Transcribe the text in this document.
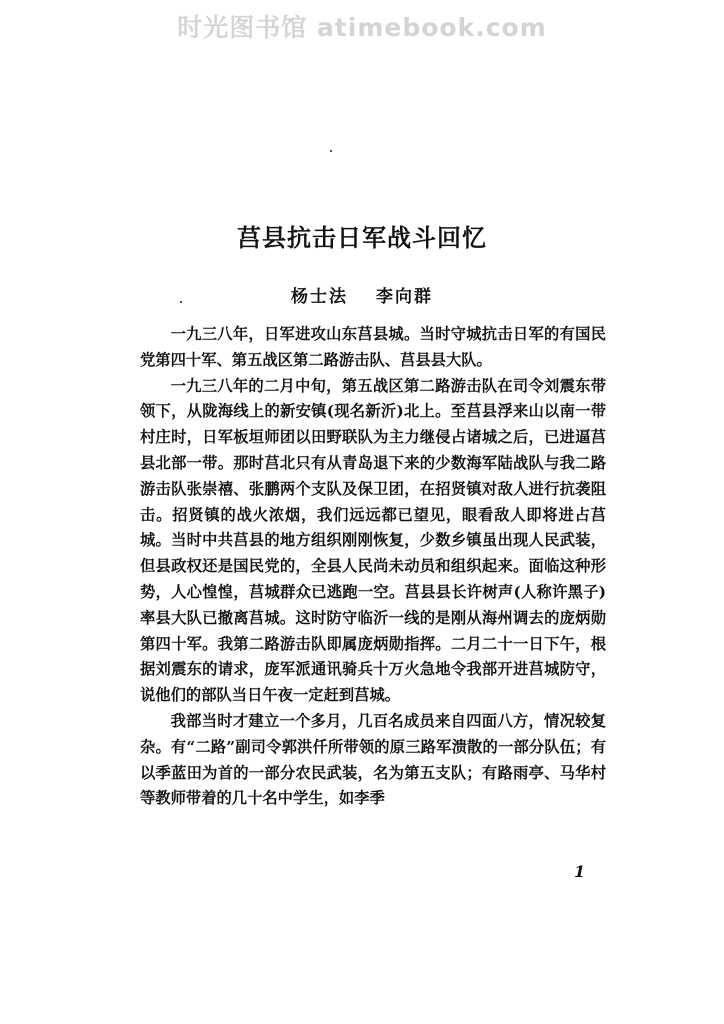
时光图书馆 atimebook.com
莒县抗击日军战斗回忆
杨士法 李向群

一九三八年，日军进攻山东莒县城。当时守城抗击日军的有国民党第四十军、第五战区第二路游击队、莒县县大队。

一九三八年的二月中旬，第五战区第二路游击队在司令刘震东带领下，从陇海线上的新安镇(现名新沂)北上。至莒县浮来山以南一带村庄时，日军板垣师团以田野联队为主力继侵占诸城之后，已进逼莒县北部一带。那时莒北只有从青岛退下来的少数海军陆战队与我二路游击队张崇禧、张鹏两个支队及保卫团，在招贤镇对敌人进行抗袭阻击。招贤镇的战火浓烟，我们远远都已望见，眼看敌人即将进占莒城。当时中共莒县的地方组织刚刚恢复，少数乡镇虽出现人民武装，但县政权还是国民党的，全县人民尚未动员和组织起来。面临这种形势，人心惶惶，莒城群众已逃跑一空。莒县县长许树声(人称许黑子)率县大队已撤离莒城。这时防守临沂一线的是刚从海州调去的庞炳勋第四十军。我第二路游击队即属庞炳勋指挥。二月二十一日下午，根据刘震东的请求，庞军派通讯骑兵十万火急地令我部开进莒城防守，说他们的部队当日午夜一定赶到莒城。

我部当时才建立一个多月，几百名成员来自四面八方，情况较复杂。有“二路”副司令郭洪仟所带领的原三路军溃散的一部分队伍；有以季蓝田为首的一部分农民武装，名为第五支队；有路雨亭、马华村等教师带着的几十名中学生，如李季

1
